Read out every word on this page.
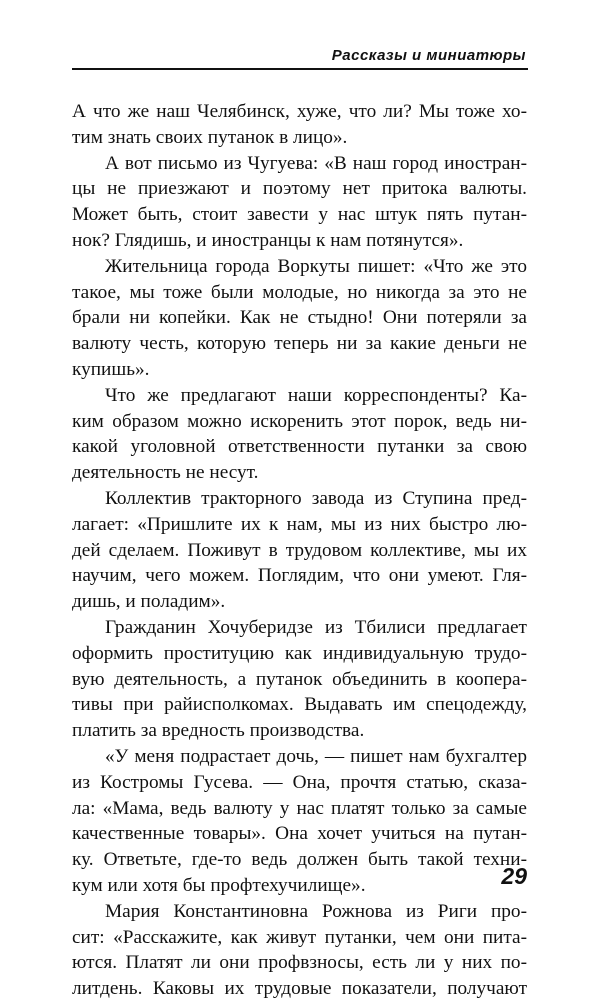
Рассказы и миниатюры
А что же наш Челябинск, хуже, что ли? Мы тоже хо-
тим знать своих путанок в лицо».
А вот письмо из Чугуева: «В наш город иностран-
цы не приезжают и поэтому нет притока валюты.
Может быть, стоит завести у нас штук пять путан-
нок? Глядишь, и иностранцы к нам потянутся».
Жительница города Воркуты пишет: «Что же это
такое, мы тоже были молодые, но никогда за это не
брали ни копейки. Как не стыдно! Они потеряли за
валюту честь, которую теперь ни за какие деньги не
купишь».
Что же предлагают наши корреспонденты? Ка-
ким образом можно искоренить этот порок, ведь ни-
какой уголовной ответственности путанки за свою
деятельность не несут.
Коллектив тракторного завода из Ступина пред-
лагает: «Пришлите их к нам, мы из них быстро лю-
дей сделаем. Поживут в трудовом коллективе, мы их
научим, чего можем. Поглядим, что они умеют. Гля-
дишь, и поладим».
Гражданин Хочуберидзе из Тбилиси предлагает
оформить проституцию как индивидуальную трудо-
вую деятельность, а путанок объединить в коопера-
тивы при райисполкомах. Выдавать им спецодежду,
платить за вредность производства.
«У меня подрастает дочь, — пишет нам бухгалтер
из Костромы Гусева. — Она, прочтя статью, сказа-
ла: «Мама, ведь валюту у нас платят только за самые
качественные товары». Она хочет учиться на путан-
ку. Ответьте, где-то ведь должен быть такой техни-
кум или хотя бы профтехучилище».
Мария Константиновна Рожнова из Риги про-
сит: «Расскажите, как живут путанки, чем они пита-
ются. Платят ли они профвзносы, есть ли у них по-
литдень. Каковы их трудовые показатели, получают
29
